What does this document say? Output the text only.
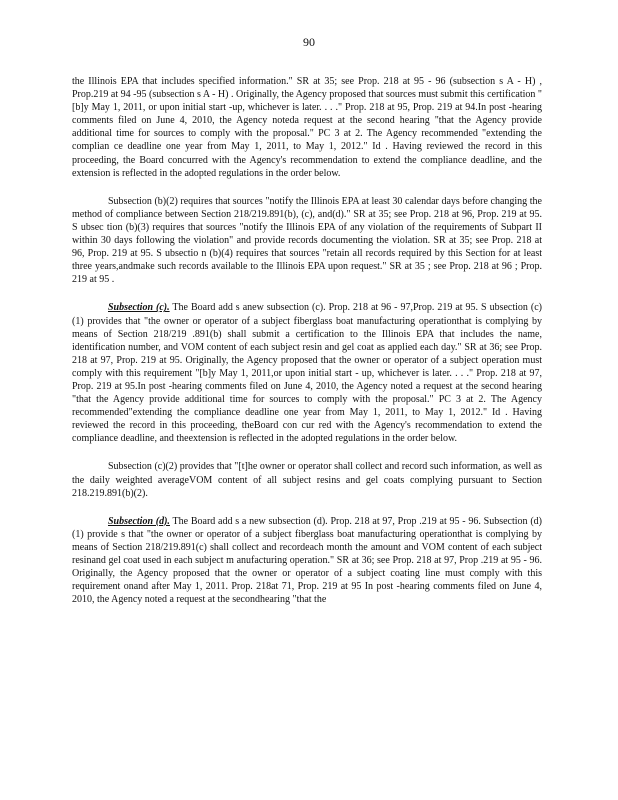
90

the Illinois EPA that includes specified information." SR at 35; see Prop. 218 at 95 - 96 (subsection s A - H) , Prop.219 at 94 -95 (subsection s A - H) . Originally, the Agency proposed that sources must submit this certification "[b]y May 1, 2011, or upon initial start -up, whichever is later. . . ." Prop. 218 at 95, Prop. 219 at 94.In post -hearing comments filed on June 4, 2010, the Agency noteda request at the second hearing "that the Agency provide additional time for sources to comply with the proposal." PC 3 at 2. The Agency recommended "extending the complian ce deadline one year from May 1, 2011, to May 1, 2012." Id . Having reviewed the record in this proceeding, the Board concurred with the Agency's recommendation to extend the compliance deadline, and the extension is reflected in the adopted regulations in the order below.

Subsection (b)(2) requires that sources "notify the Illinois EPA at least 30 calendar days before changing the method of compliance between Section 218/219.891(b), (c), and(d)." SR at 35; see Prop. 218 at 96, Prop. 219 at 95. S ubsec tion (b)(3) requires that sources "notify the Illinois EPA of any violation of the requirements of Subpart II within 30 days following the violation" and provide records documenting the violation. SR at 35; see Prop. 218 at 96, Prop. 219 at 95. S ubsectio n (b)(4) requires that sources "retain all records required by this Section for at least three years,andmake such records available to the Illinois EPA upon request." SR at 35 ; see Prop. 218 at 96 ; Prop. 219 at 95 .

Subsection (c). The Board add s anew subsection (c). Prop. 218 at 96 - 97,Prop. 219 at 95. S ubsection (c)(1) provides that "the owner or operator of a subject fiberglass boat manufacturing operationthat is complying by means of Section 218/219 .891(b) shall submit a certification to the Illinois EPA that includes the name, identification number, and VOM content of each subject resin and gel coat as applied each day." SR at 36; see Prop. 218 at 97, Prop. 219 at 95. Originally, the Agency proposed that the owner or operator of a subject operation must comply with this requirement "[b]y May 1, 2011,or upon initial start - up, whichever is later. . . ." Prop. 218 at 97, Prop. 219 at 95.In post -hearing comments filed on June 4, 2010, the Agency noted a request at the second hearing "that the Agency provide additional time for sources to comply with the proposal." PC 3 at 2. The Agency recommended"extending the compliance deadline one year from May 1, 2011, to May 1, 2012." Id . Having reviewed the record in this proceeding, theBoard con cur red with the Agency's recommendation to extend the compliance deadline, and theextension is reflected in the adopted regulations in the order below.

Subsection (c)(2) provides that "[t]he owner or operator shall collect and record such information, as well as the daily weighted averageVOM content of all subject resins and gel coats complying pursuant to Section 218.219.891(b)(2).

Subsection (d). The Board add s a new subsection (d). Prop. 218 at 97, Prop .219 at 95 - 96. Subsection (d)(1) provide s that "the owner or operator of a subject fiberglass boat manufacturing operationthat is complying by means of Section 218/219.891(c) shall collect and recordeach month the amount and VOM content of each subject resinand gel coat used in each subject m anufacturing operation." SR at 36; see Prop. 218 at 97, Prop .219 at 95 - 96. Originally, the Agency proposed that the owner or operator of a subject coating line must comply with this requirement onand after May 1, 2011. Prop. 218at 71, Prop. 219 at 95 In post -hearing comments filed on June 4, 2010, the Agency noted a request at the secondhearing "that the
